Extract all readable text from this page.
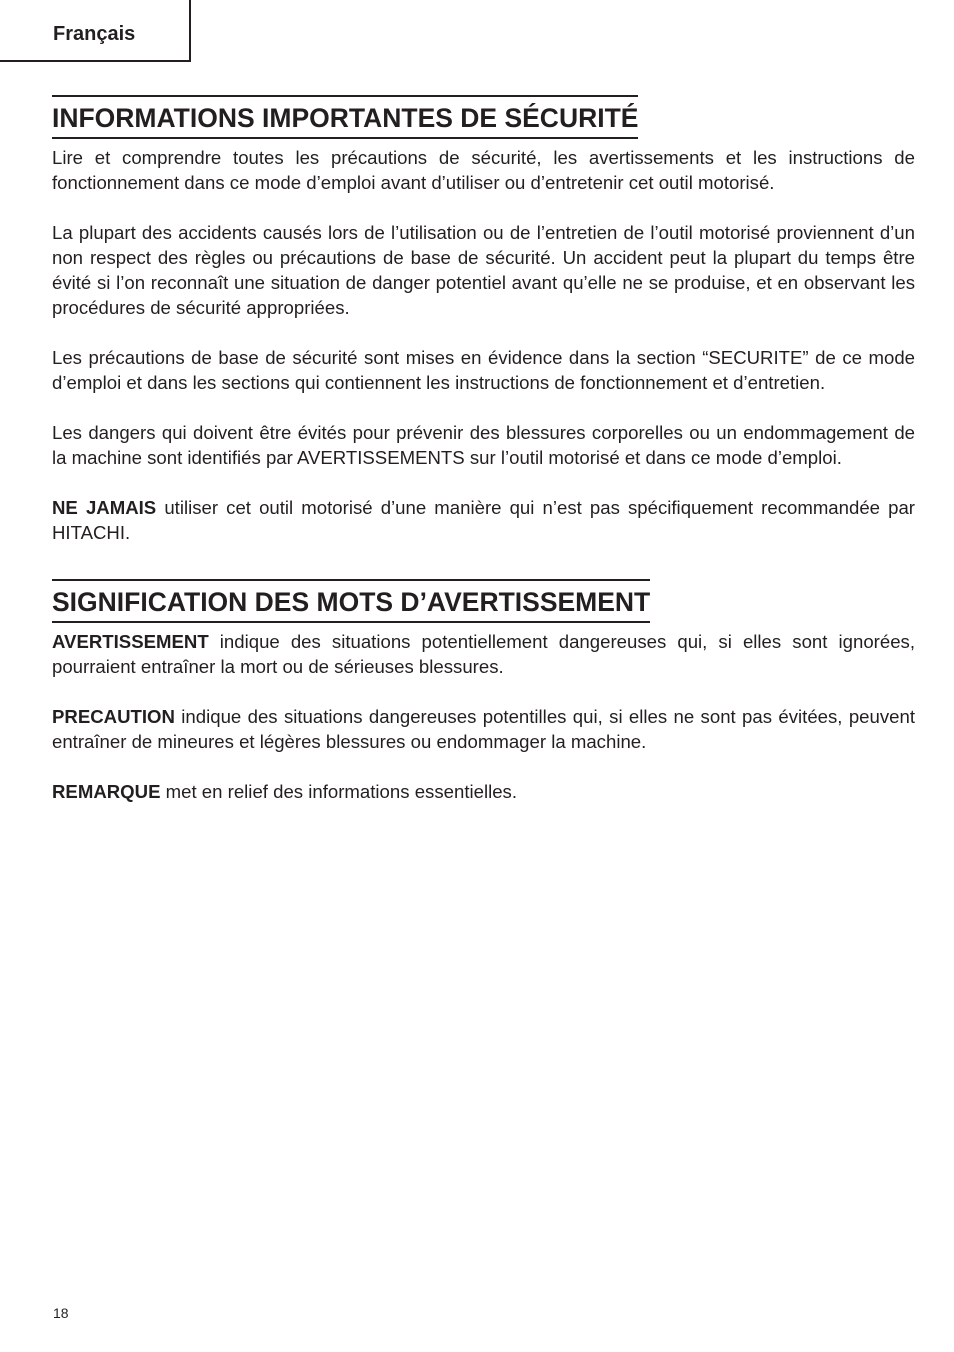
Français
INFORMATIONS IMPORTANTES DE SÉCURITÉ

Lire et comprendre toutes les précautions de sécurité, les avertissements et les instructions de fonctionnement dans ce mode d’emploi avant d’utiliser ou d’entretenir cet outil motorisé.

La plupart des accidents causés lors de l’utilisation ou de l’entretien de l’outil motorisé proviennent d’un non respect des règles ou précautions de base de sécurité. Un accident peut la plupart du temps être évité si l’on reconnaît une situation de danger potentiel avant qu’elle ne se produise, et en observant les procédures de sécurité appropriées.

Les précautions de base de sécurité sont mises en évidence dans la section “SECURITE” de ce mode d’emploi et dans les sections qui contiennent les instructions de fonctionnement et d’entretien.

Les dangers qui doivent être évités pour prévenir des blessures corporelles ou un endommagement de la machine sont identifiés par AVERTISSEMENTS sur l’outil motorisé et dans ce mode d’emploi.

NE JAMAIS utiliser cet outil motorisé d’une manière qui n’est pas spécifiquement recommandée par HITACHI.

SIGNIFICATION DES MOTS D’AVERTISSEMENT

AVERTISSEMENT indique des situations potentiellement dangereuses qui, si elles sont ignorées, pourraient entraîner la mort ou de sérieuses blessures.

PRECAUTION indique des situations dangereuses potentilles qui, si elles ne sont pas évitées, peuvent entraîner de mineures et légères blessures ou endommager la machine.

REMARQUE met en relief des informations essentielles.

18
